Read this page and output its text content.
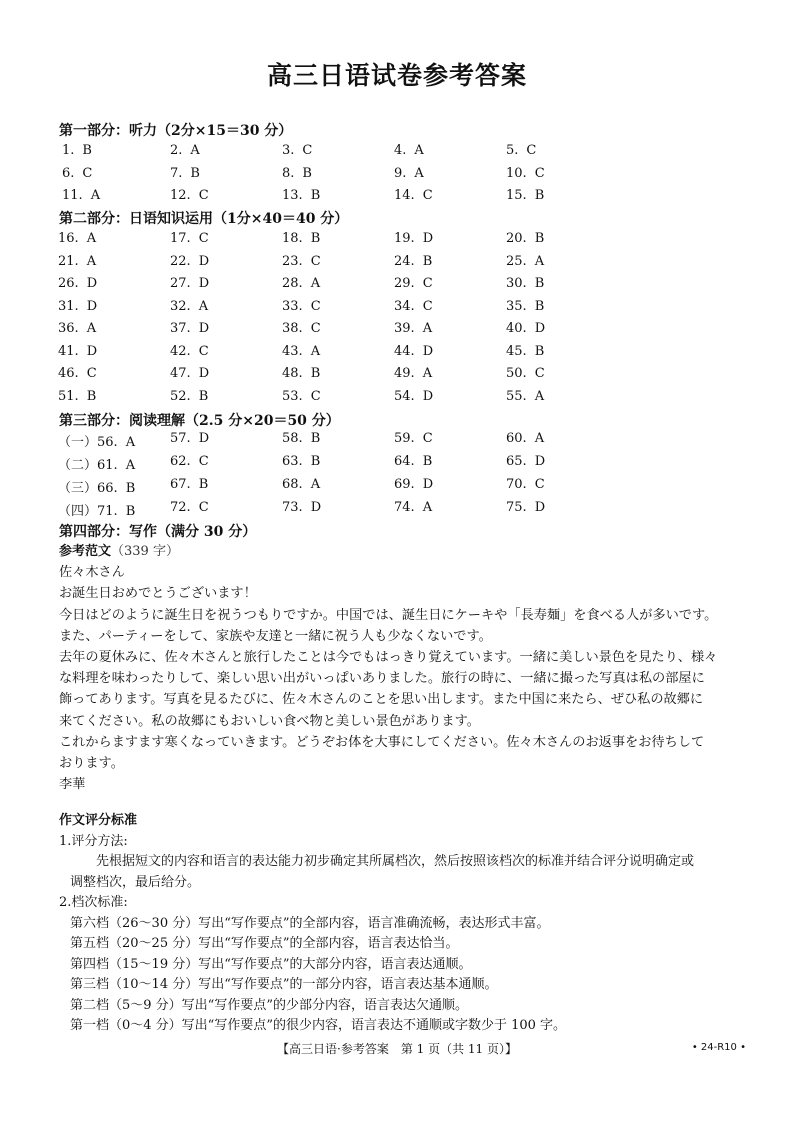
高三日语试卷参考答案
第一部分：听力（2分×15＝30 分）
1. B	2. A	3. C	4. A	5. C
6. C	7. B	8. B	9. A	10. C
11. A	12. C	13. B	14. C	15. B
第二部分：日语知识运用（1分×40＝40 分）
16. A	17. C	18. B	19. D	20. B
21. A	22. D	23. C	24. B	25. A
26. D	27. D	28. A	29. C	30. B
31. D	32. A	33. C	34. C	35. B
36. A	37. D	38. C	39. A	40. D
41. D	42. C	43. A	44. D	45. B
46. C	47. D	48. B	49. A	50. C
51. B	52. B	53. C	54. D	55. A
第三部分：阅读理解（2.5 分×20＝50 分）
（一）56. A	57. D	58. B	59. C	60. A
（二）61. A	62. C	63. B	64. B	65. D
（三）66. B	67. B	68. A	69. D	70. C
（四）71. B	72. C	73. D	74. A	75. D
第四部分：写作（满分 30 分）

参考范文（339 字）

佐々木さん

お誕生日おめでとうございます！

今日はどのように誕生日を祝うつもりですか。中国では、誕生日にケーキや「長寿麺」を食べる人が多いです。

また、パーティーをして、家族や友達と一緒に祝う人も少なくないです。

去年の夏休みに、佐々木さんと旅行したことは今でもはっきり覚えています。一緒に美しい景色を見たり、様々

な料理を味わったりして、楽しい思い出がいっぱいありました。旅行の時に、一緒に撮った写真は私の部屋に

飾ってあります。写真を見るたびに、佐々木さんのことを思い出します。また中国に来たら、ぜひ私の故郷に

来てください。私の故郷にもおいしい食べ物と美しい景色があります。

これからますます寒くなっていきます。どうぞお体を大事にしてください。佐々木さんのお返事をお待ちして

おります。

李華

作文评分标准

1.评分方法:

先根据短文的内容和语言的表达能力初步确定其所属档次，然后按照该档次的标准并结合评分说明确定或

调整档次，最后给分。

2.档次标准:

第六档（26～30 分）写出“写作要点”的全部内容，语言准确流畅，表达形式丰富。

第五档（20～25 分）写出“写作要点”的全部内容，语言表达恰当。

第四档（15～19 分）写出“写作要点”的大部分内容，语言表达通顺。

第三档（10～14 分）写出“写作要点”的一部分内容，语言表达基本通顺。

第二档（5～9 分）写出“写作要点”的少部分内容，语言表达欠通顺。

第一档（0～4 分）写出“写作要点”的很少内容，语言表达不通顺或字数少于 100 字。

【高三日语·参考答案　第 1 页（共 11 页）】	• 24-R10 •
